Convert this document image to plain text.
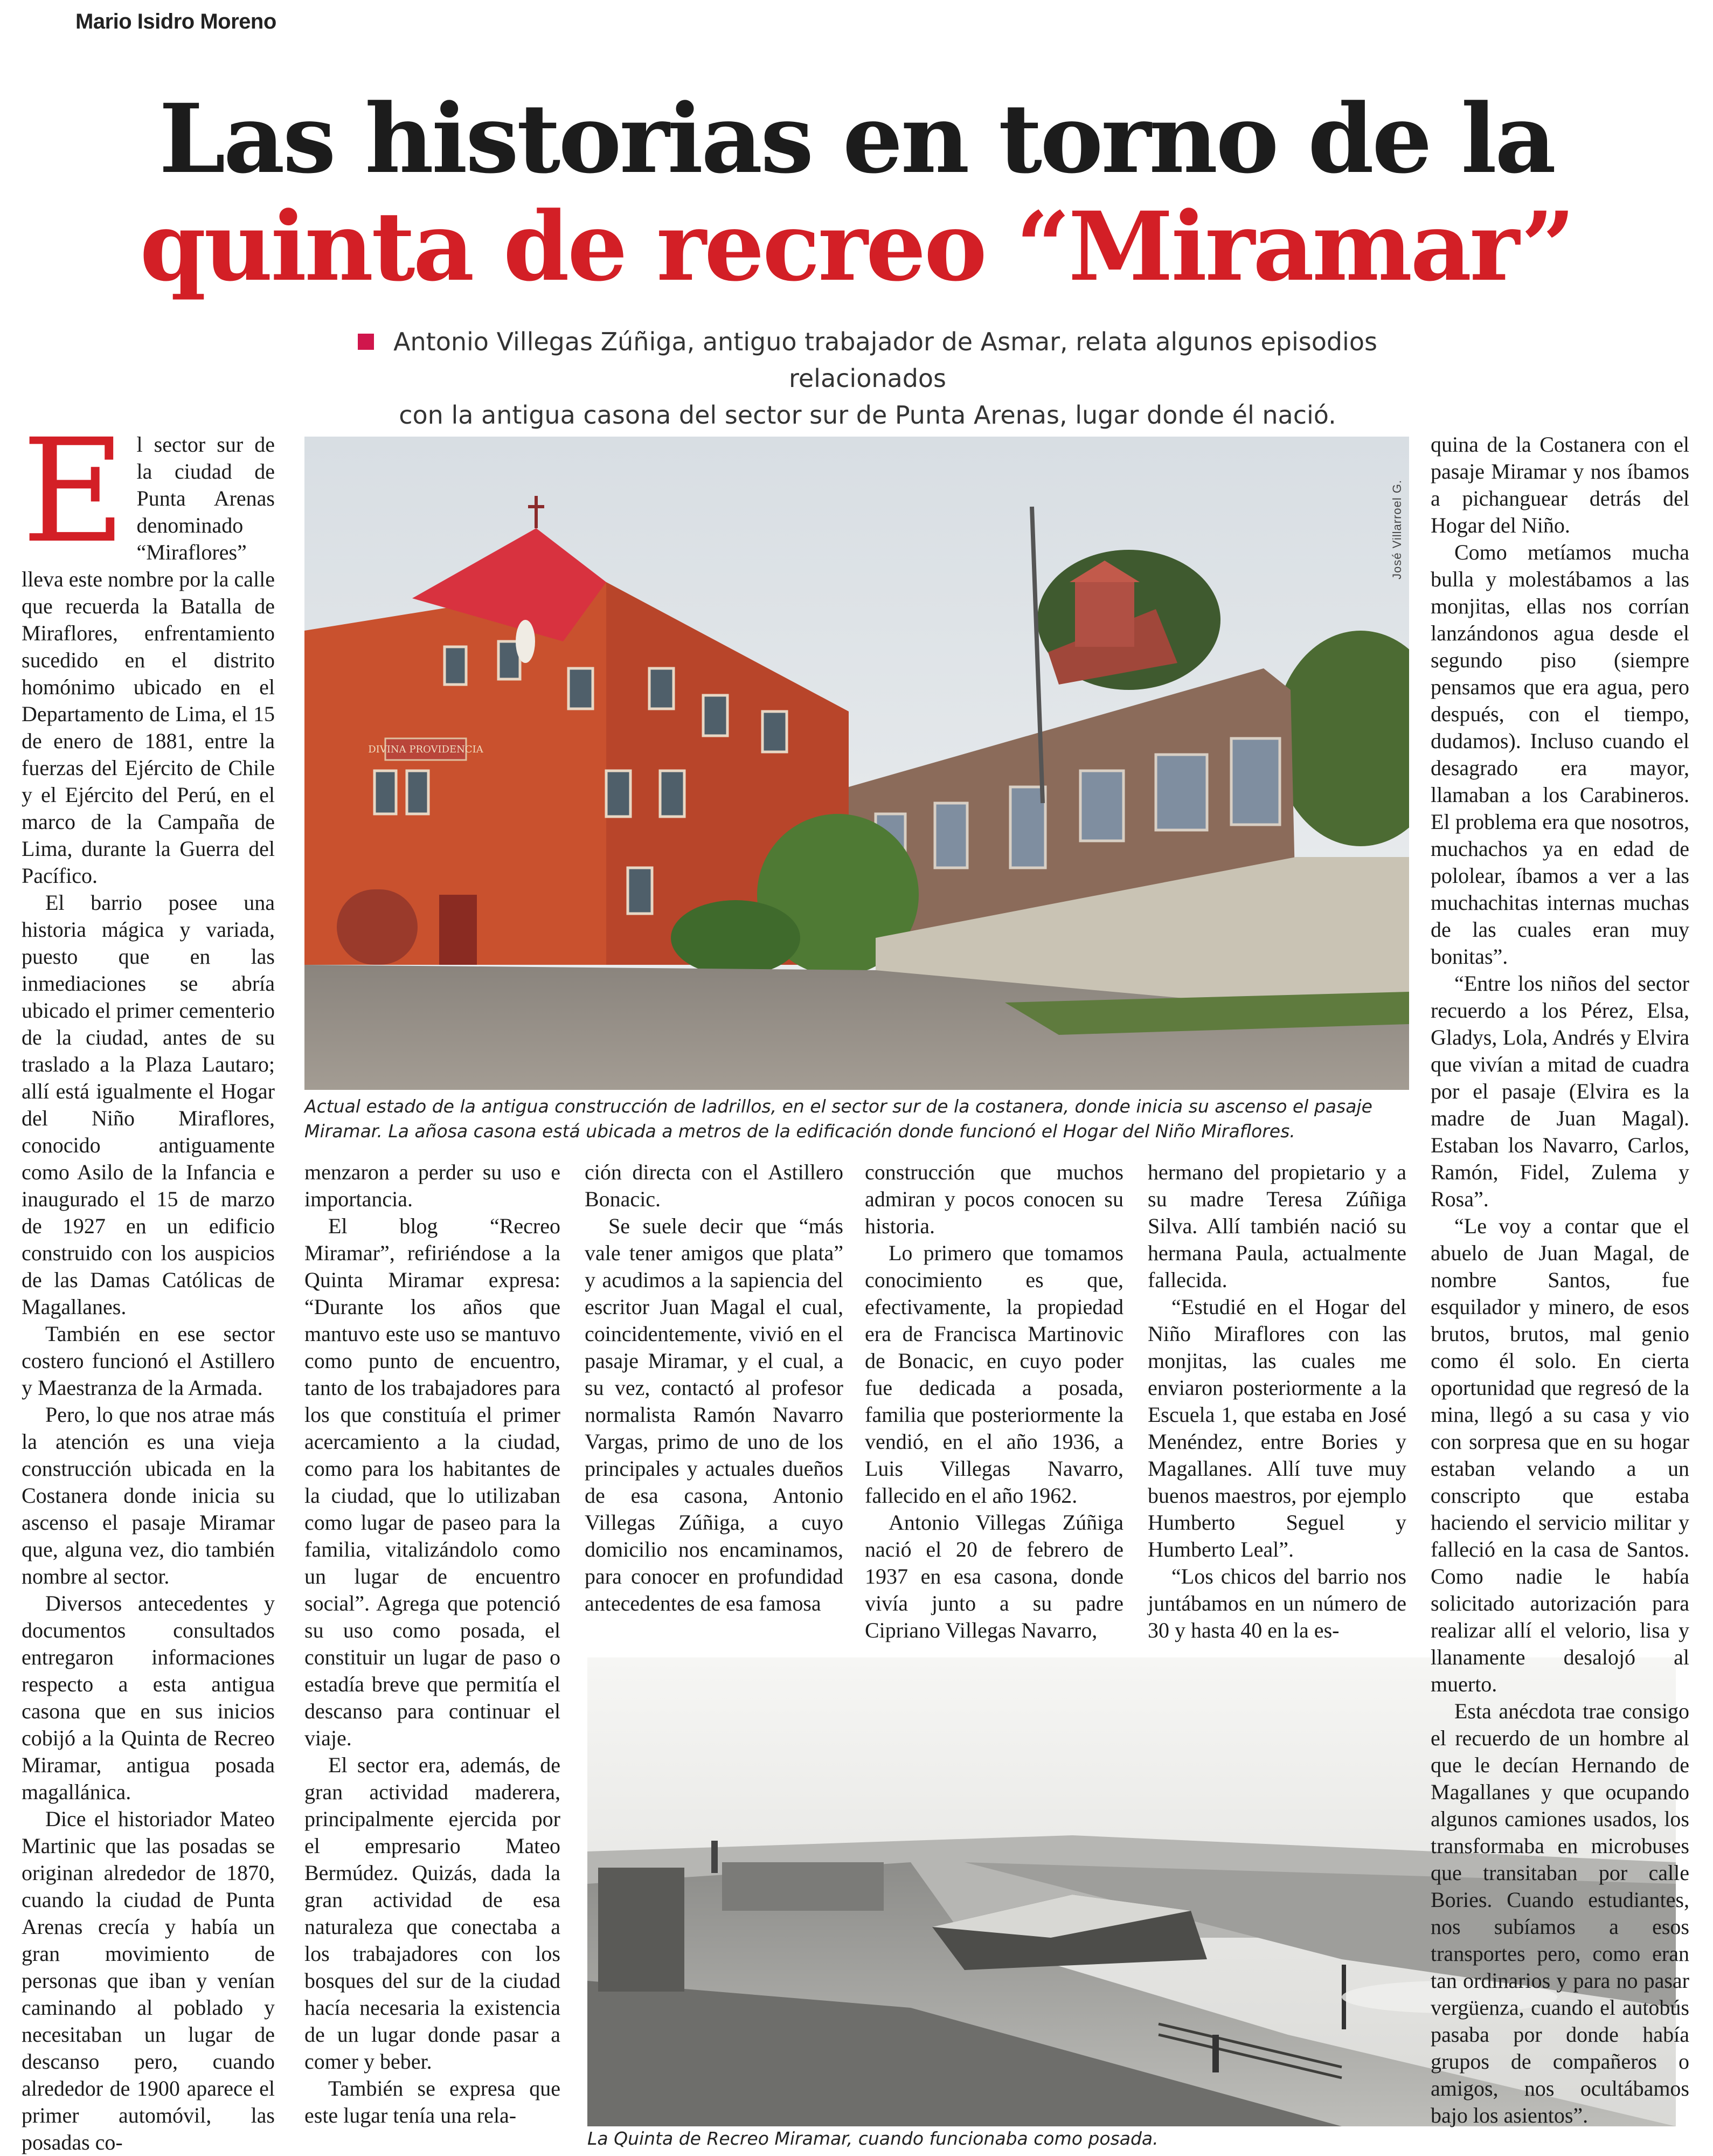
Mario Isidro Moreno
Las historias en torno de la
quinta de recreo “Miramar”
Antonio Villegas Zúñiga, antiguo trabajador de Asmar, relata algunos episodios relacionados
con la antigua casona del sector sur de Punta Arenas, lugar donde él nació.
DIVINA PROVIDENCIA
José Villarroel G.
Actual estado de la antigua construcción de ladrillos, en el sector sur de la costanera, donde inicia su ascenso el pasaje Miramar. La añosa casona está ubicada a metros de la edificación donde funcionó el Hogar del Niño Miraflores.
La Quinta de Recreo Miramar, cuando funcionaba como posada.

El sector sur de la ciudad de Punta Arenas denominado “Miraflores” lleva este nombre por la calle que recuerda la Batalla de Miraflores, enfrentamiento sucedido en el distrito homónimo ubicado en el Departamento de Lima, el 15 de enero de 1881, entre la fuerzas del Ejército de Chile y el Ejército del Perú, en el marco de la Campaña de Lima, durante la Guerra del Pacífico.

El barrio posee una historia mágica y variada, puesto que en las inmediaciones se abría ubicado el primer cementerio de la ciudad, antes de su traslado a la Plaza Lautaro; allí está igualmente el Hogar del Niño Miraflores, conocido antiguamente como Asilo de la Infancia e inaugurado el 15 de marzo de 1927 en un edificio construido con los auspicios de las Damas Católicas de Magallanes.

También en ese sector costero funcionó el Astillero y Maestranza de la Armada.

Pero, lo que nos atrae más la atención es una vieja construcción ubicada en la Costanera donde inicia su ascenso el pasaje Miramar que, alguna vez, dio también nombre al sector.

Diversos antecedentes y documentos consultados entregaron informaciones respecto a esta antigua casona que en sus inicios cobijó a la Quinta de Recreo Miramar, antigua posada magallánica.

Dice el historiador Mateo Martinic que las posadas se originan alrededor de 1870, cuando la ciudad de Punta Arenas crecía y había un gran movimiento de personas que iban y venían caminando al poblado y necesitaban un lugar de descanso pero, cuando alrededor de 1900 aparece el primer automóvil, las posadas co-

menzaron a perder su uso e importancia.

El blog “Recreo Miramar”, refiriéndose a la Quinta Miramar expresa: “Durante los años que mantuvo este uso se mantuvo como punto de encuentro, tanto de los trabajadores para los que constituía el primer acercamiento a la ciudad, como para los habitantes de la ciudad, que lo utilizaban como lugar de paseo para la familia, vitalizándolo como un lugar de encuentro social”. Agrega que potenció su uso como posada, el constituir un lugar de paso o estadía breve que permitía el descanso para continuar el viaje.

El sector era, además, de gran actividad maderera, principalmente ejercida por el empresario Mateo Bermúdez. Quizás, dada la gran actividad de esa naturaleza que conectaba a los trabajadores con los bosques del sur de la ciudad hacía necesaria la existencia de un lugar donde pasar a comer y beber.

También se expresa que este lugar tenía una rela-

ción directa con el Astillero Bonacic.

Se suele decir que “más vale tener amigos que plata” y acudimos a la sapiencia del escritor Juan Magal el cual, coincidentemente, vivió en el pasaje Miramar, y el cual, a su vez, contactó al profesor normalista Ramón Navarro Vargas, primo de uno de los principales y actuales dueños de esa casona, Antonio Villegas Zúñiga, a cuyo domicilio nos encaminamos, para conocer en profundidad antecedentes de esa famosa

construcción que muchos admiran y pocos conocen su historia.

Lo primero que tomamos conocimiento es que, efectivamente, la propiedad era de Francisca Martinovic de Bonacic, en cuyo poder fue dedicada a posada, familia que posteriormente la vendió, en el año 1936, a Luis Villegas Navarro, fallecido en el año 1962.

Antonio Villegas Zúñiga nació el 20 de febrero de 1937 en esa casona, donde vivía junto a su padre Cipriano Villegas Navarro,

hermano del propietario y a su madre Teresa Zúñiga Silva. Allí también nació su hermana Paula, actualmente fallecida.

“Estudié en el Hogar del Niño Miraflores con las monjitas, las cuales me enviaron posteriormente a la Escuela 1, que estaba en José Menéndez, entre Bories y Magallanes. Allí tuve muy buenos maestros, por ejemplo Humberto Seguel y Humberto Leal”.

“Los chicos del barrio nos juntábamos en un número de 30 y hasta 40 en la es-

quina de la Costanera con el pasaje Miramar y nos íbamos a pichanguear detrás del Hogar del Niño.

Como metíamos mucha bulla y molestábamos a las monjitas, ellas nos corrían lanzándonos agua desde el segundo piso (siempre pensamos que era agua, pero después, con el tiempo, dudamos). Incluso cuando el desagrado era mayor, llamaban a los Carabineros. El problema era que nosotros, muchachos ya en edad de pololear, íbamos a ver a las muchachitas internas muchas de las cuales eran muy bonitas”.

“Entre los niños del sector recuerdo a los Pérez, Elsa, Gladys, Lola, Andrés y Elvira que vivían a mitad de cuadra por el pasaje (Elvira es la madre de Juan Magal). Estaban los Navarro, Carlos, Ramón, Fidel, Zulema y Rosa”.

“Le voy a contar que el abuelo de Juan Magal, de nombre Santos, fue esquilador y minero, de esos brutos, brutos, mal genio como él solo. En cierta oportunidad que regresó de la mina, llegó a su casa y vio con sorpresa que en su hogar estaban velando a un conscripto que estaba haciendo el servicio militar y falleció en la casa de Santos. Como nadie le había solicitado autorización para realizar allí el velorio, lisa y llanamente desalojó al muerto.

Esta anécdota trae consigo el recuerdo de un hombre al que le decían Hernando de Magallanes y que ocupando algunos camiones usados, los transformaba en microbuses que transitaban por calle Bories. Cuando estudiantes, nos subíamos a esos transportes pero, como eran tan ordinarios y para no pasar vergüenza, cuando el autobús pasaba por donde había grupos de compañeros o amigos, nos ocultábamos bajo los asientos”.
